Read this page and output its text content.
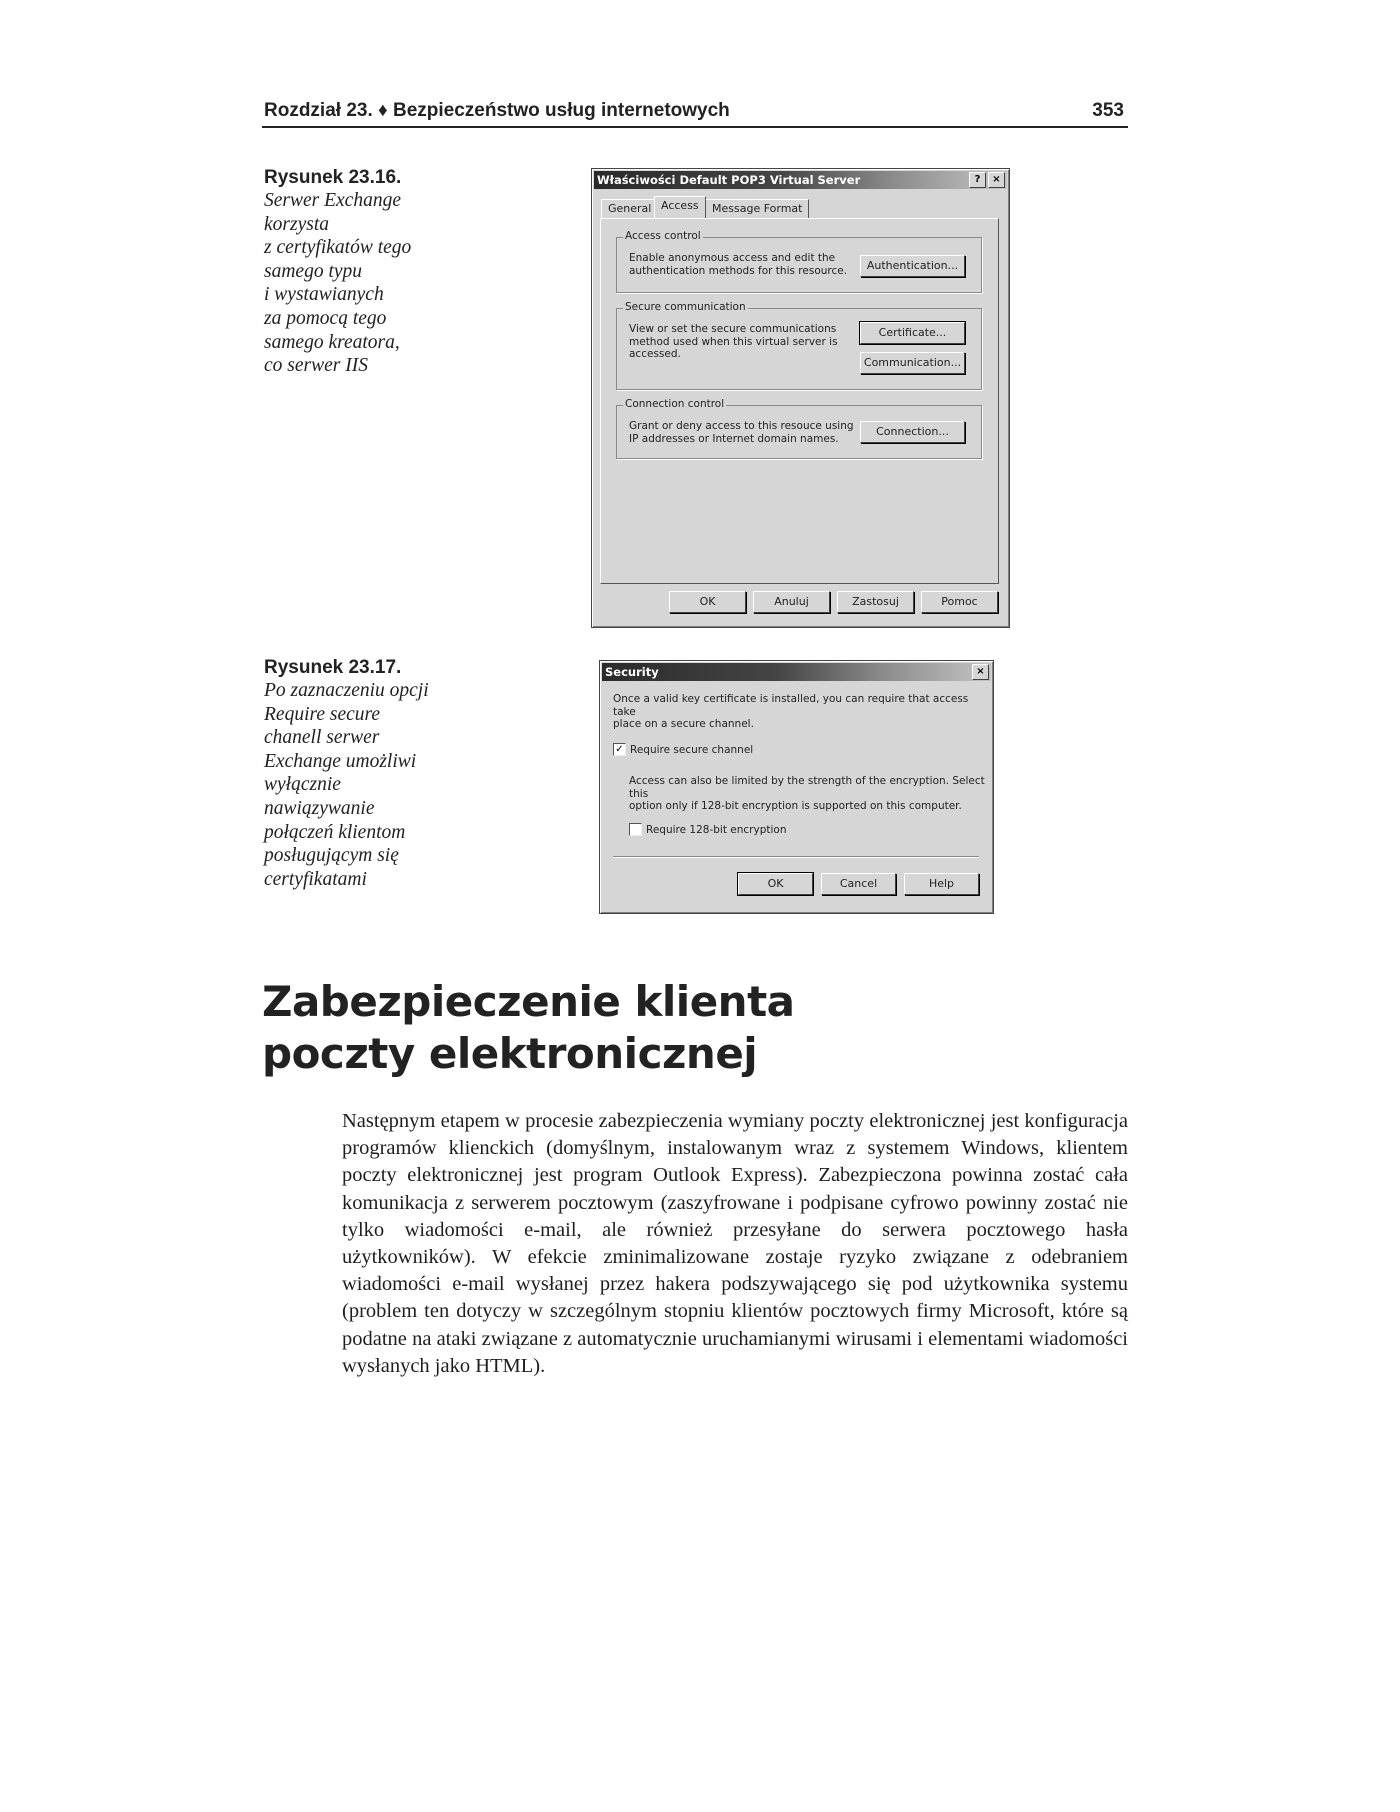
Rozdział 23. ♦ Bezpieczeństwo usług internetowych	353
Rysunek 23.16.
Serwer Exchange
korzysta
z certyfikatów tego
samego typu
i wystawianych
za pomocą tego
samego kreatora,
co serwer IIS
Właściwości Default POP3 Virtual Server	?	×
General Access	Message Format
Access control
Enable anonymous access and edit the
authentication methods for this resource.	Authentication...
Secure communication
View or set the secure communications
method used when this virtual server is
accessed.
Certificate...
Communication...
Connection control
Grant or deny access to this resouce using
IP addresses or Internet domain names.
Connection...
OK	Anuluj	Zastosuj	Pomoc
Rysunek 23.17.
Po zaznaczeniu opcji
Require secure
chanell serwer
Exchange umożliwi
wyłącznie
nawiązywanie
połączeń klientom
posługującym się
certyfikatami
Security	×
Once a valid key certificate is installed, you can require that access take
place on a secure channel.
✓ Require secure channel
Access can also be limited by the strength of the encryption. Select this
option only if 128-bit encryption is supported on this computer.
Require 128-bit encryption
OK	Cancel	Help
Zabezpieczenie klienta
poczty elektronicznej

Następnym etapem w procesie zabezpieczenia wymiany poczty elektronicznej jest konfiguracja programów klienckich (domyślnym, instalowanym wraz z systemem Windows, klientem poczty elektronicznej jest program Outlook Express). Zabezpieczona powinna zostać cała komunikacja z serwerem pocztowym (zaszyfrowane i podpisane cyfrowo powinny zostać nie tylko wiadomości e-mail, ale również przesyłane do serwera pocztowego hasła użytkowników). W efekcie zminimalizowane zostaje ryzyko związane z odebraniem wiadomości e-mail wysłanej przez hakera podszywającego się pod użytkownika systemu (problem ten dotyczy w szczególnym stopniu klientów pocztowych firmy Microsoft, które są podatne na ataki związane z automatycznie uruchamianymi wirusami i elementami wiadomości wysłanych jako HTML).
